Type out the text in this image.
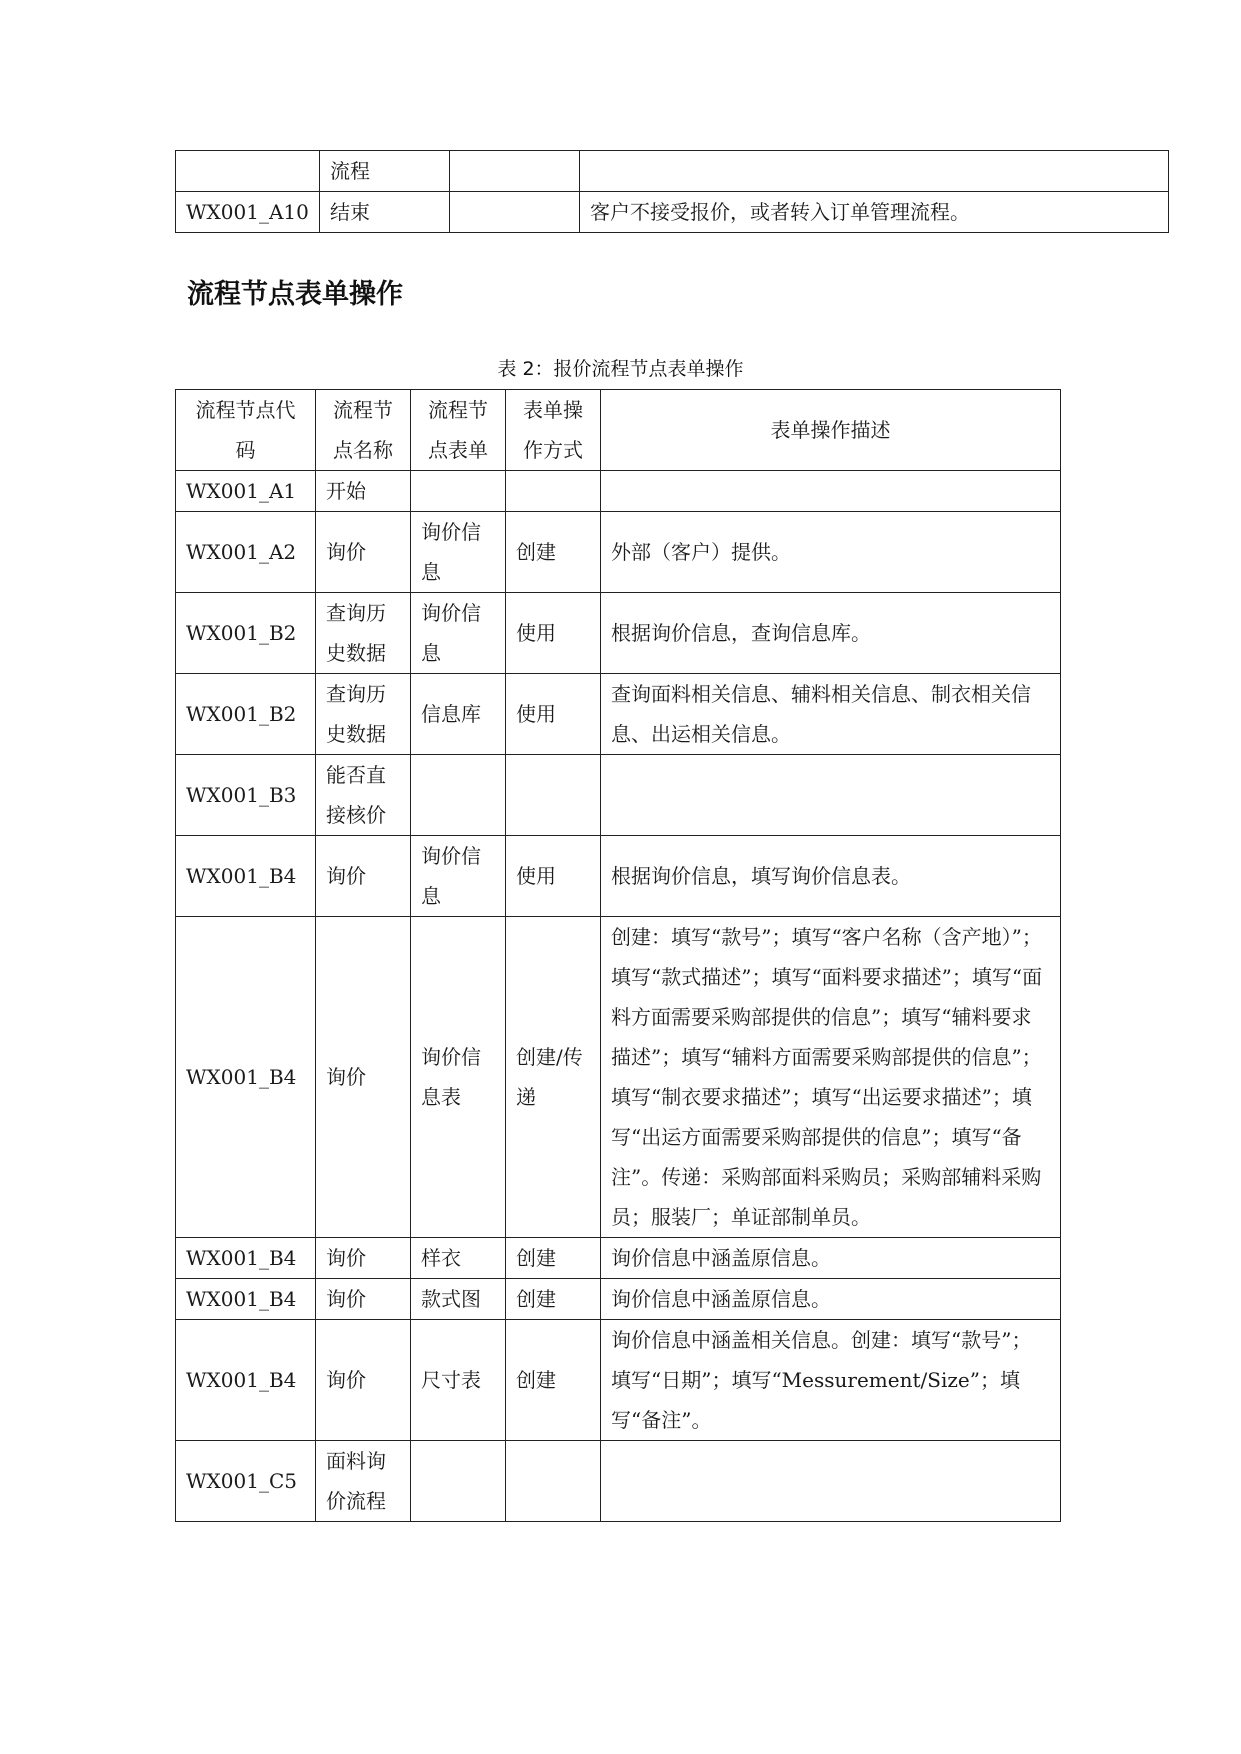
	流程		
WX001_A10	结束		客户不接受报价，或者转入订单管理流程。
流程节点表单操作

表 2：报价流程节点表单操作

流程节点代码	流程节点名称	流程节点表单	表单操作方式	表单操作描述
WX001_A1	开始			
WX001_A2	询价	询价信息	创建	外部（客户）提供。
WX001_B2	查询历史数据	询价信息	使用	根据询价信息，查询信息库。
WX001_B2	查询历史数据	信息库	使用	查询面料相关信息、辅料相关信息、制衣相关信息、出运相关信息。
WX001_B3	能否直接核价			
WX001_B4	询价	询价信息	使用	根据询价信息，填写询价信息表。
WX001_B4	询价	询价信息表	创建/传递	创建：填写“款号”；填写“客户名称（含产地）”；填写“款式描述”；填写“面料要求描述”；填写“面料方面需要采购部提供的信息”；填写“辅料要求描述”；填写“辅料方面需要采购部提供的信息”；填写“制衣要求描述”；填写“出运要求描述”；填写“出运方面需要采购部提供的信息”；填写“备注”。传递：采购部面料采购员；采购部辅料采购员；服装厂；单证部制单员。
WX001_B4	询价	样衣	创建	询价信息中涵盖原信息。
WX001_B4	询价	款式图	创建	询价信息中涵盖原信息。
WX001_B4	询价	尺寸表	创建	询价信息中涵盖相关信息。创建：填写“款号”；填写“日期”；填写“Messurement/Size”；填写“备注”。
WX001_C5	面料询价流程			
